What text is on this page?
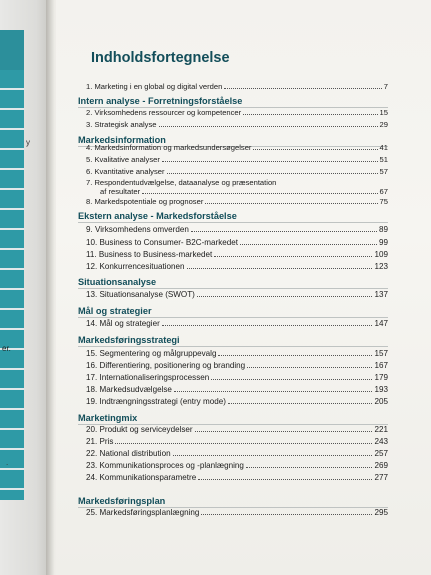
y
er.
.
Indholdsfortegnelse
1. Marketing i en global og digital verden	7
Intern analyse - Forretningsforståelse
2. Virksomhedens ressourcer og kompetencer	15
3. Strategisk analyse	29
Markedsinformation
4. Markedsinformation og markedsundersøgelser	41
5. Kvalitative analyser	51
6. Kvantitative analyser	57
7. Respondentudvælgelse, dataanalyse og præsentation
af resultater	67
8. Markedspotentiale og prognoser	75
Ekstern analyse - Markedsforståelse
9. Virksomhedens omverden	89
10. Business to Consumer- B2C-markedet	99
11. Business to Business-markedet	109
12. Konkurrencesituationen	123
Situationsanalyse
13. Situationsanalyse (SWOT)	137
Mål og strategier
14. Mål og strategier	147
Markedsføringsstrategi
15. Segmentering og målgruppevalg	157
16. Differentiering, positionering og branding	167
17. Internationaliseringsprocessen	179
18. Markedsudvælgelse	193
19. Indtrængningsstrategi (entry mode)	205
Marketingmix
20. Produkt og serviceydelser	221
21. Pris	243
22. National distribution	257
23. Kommunikationsproces og -planlægning	269
24. Kommunikationsparametre	277
Markedsføringsplan
25. Markedsføringsplanlægning	295
